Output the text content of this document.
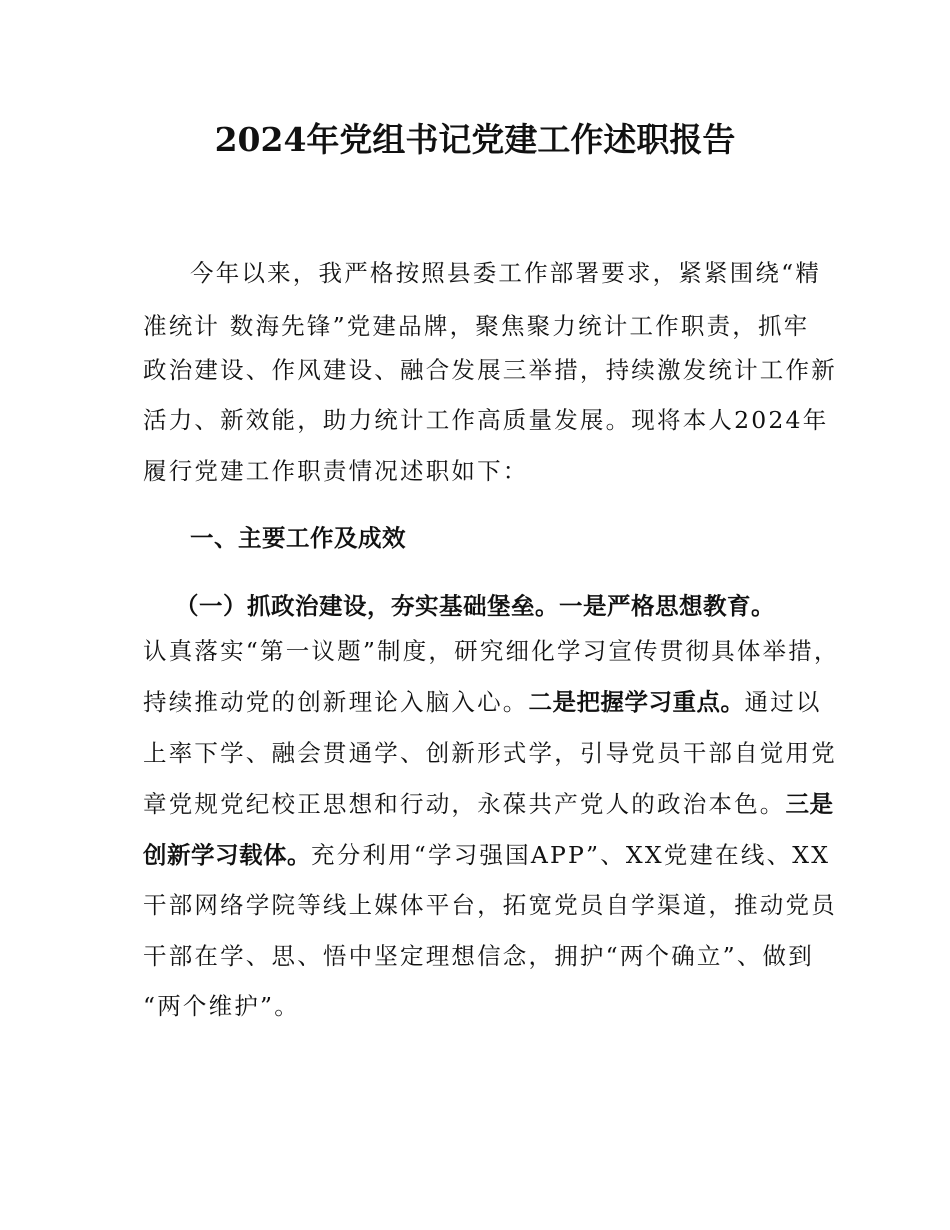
2024年党组书记党建工作述职报告
今年以来，我严格按照县委工作部署要求，紧紧围绕“精
准统计 数海先锋”党建品牌，聚焦聚力统计工作职责，抓牢
政治建设、作风建设、融合发展三举措，持续激发统计工作新
活力、新效能，助力统计工作高质量发展。现将本人2024年
履行党建工作职责情况述职如下：
一、主要工作及成效
（一）抓政治建设，夯实基础堡垒。一是严格思想教育。
认真落实“第一议题”制度，研究细化学习宣传贯彻具体举措，
持续推动党的创新理论入脑入心。二是把握学习重点。通过以
上率下学、融会贯通学、创新形式学，引导党员干部自觉用党
章党规党纪校正思想和行动，永葆共产党人的政治本色。三是
创新学习载体。充分利用“学习强国APP”、XX党建在线、XX
干部网络学院等线上媒体平台，拓宽党员自学渠道，推动党员
干部在学、思、悟中坚定理想信念，拥护“两个确立”、做到
“两个维护”。
